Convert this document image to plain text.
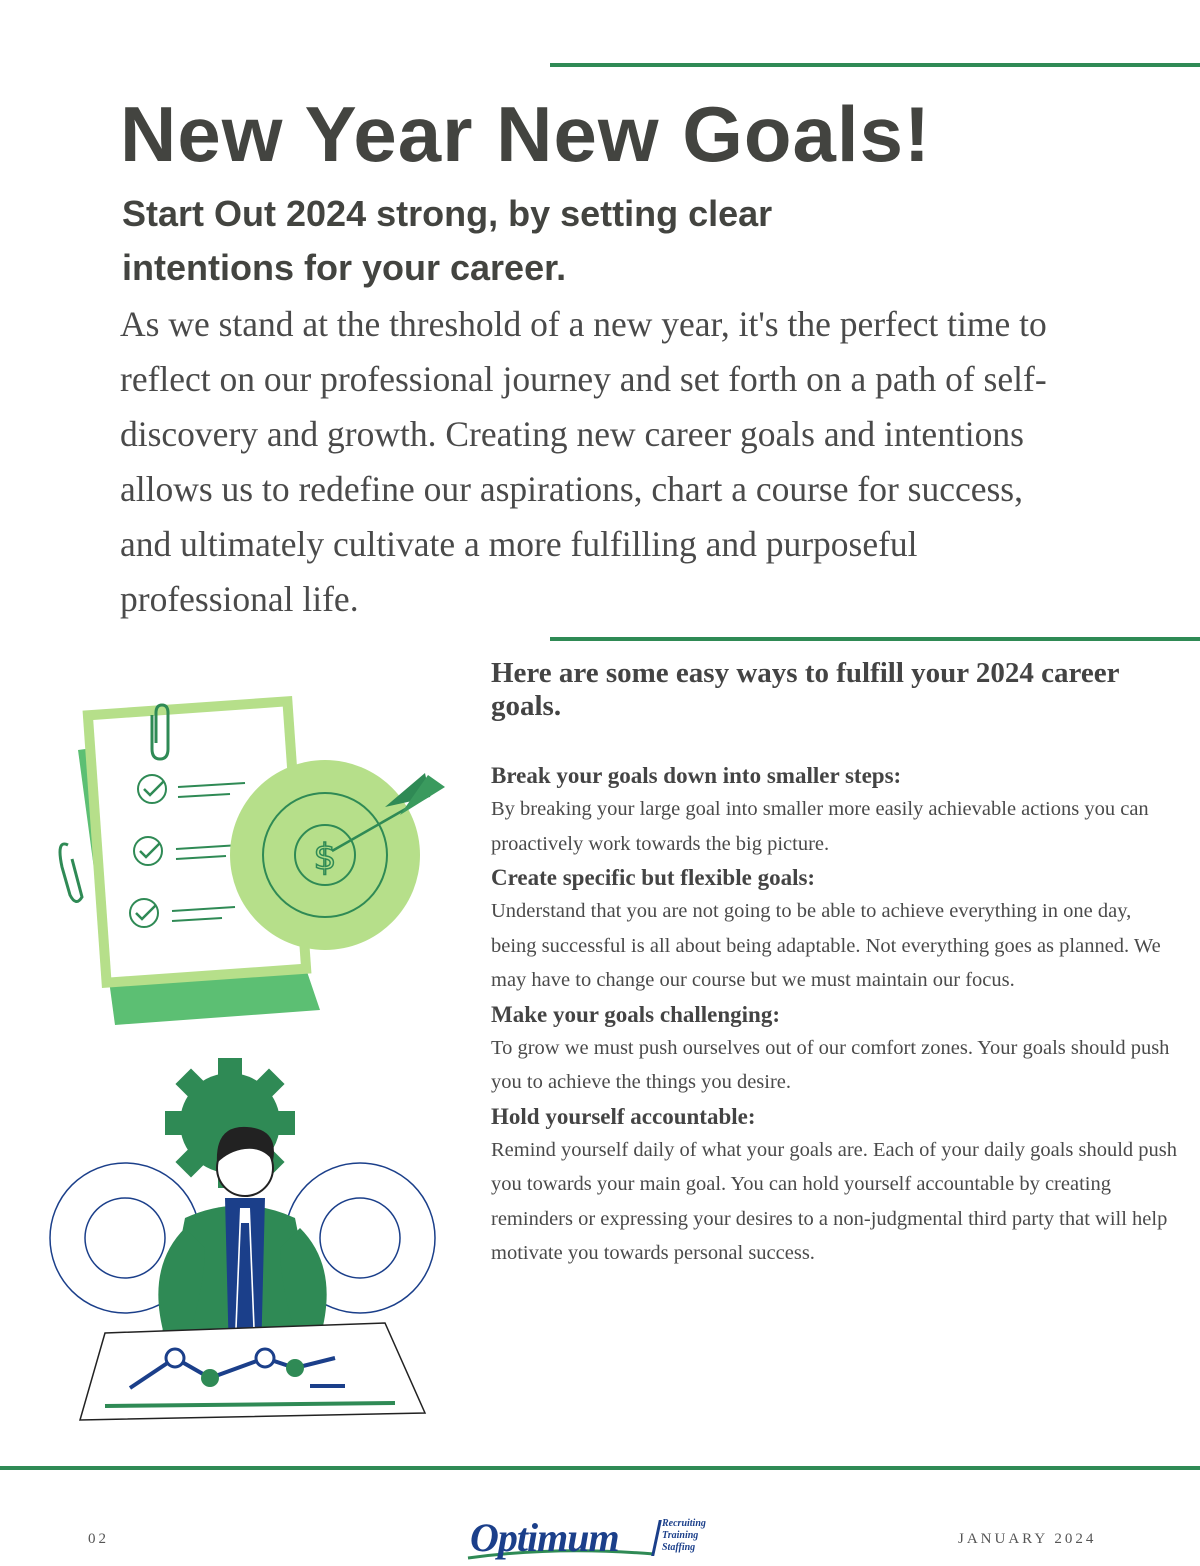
New Year New Goals!
Start Out 2024 strong, by setting clear intentions for your career.

As we stand at the threshold of a new year, it's the perfect time to reflect on our professional journey and set forth on a path of self-discovery and growth. Creating new career goals and intentions allows us to redefine our aspirations, chart a course for success, and ultimately cultivate a more fulfilling and purposeful professional life.

Here are some easy ways to fulfill your 2024 career goals.
Break your goals down into smaller steps:

By breaking your large goal into smaller more easily achievable actions you can proactively work towards the big picture.

Create specific but flexible goals:

Understand that you are not going to be able to achieve everything in one day, being successful is all about being adaptable. Not everything goes as planned. We may have to change our course but we must maintain our focus.

Make your goals challenging:

To grow we must push ourselves out of our comfort zones. Your goals should push you to achieve the things you desire.

Hold yourself accountable:

Remind yourself daily of what your goals are. Each of your daily goals should push you towards your main goal. You can hold yourself accountable by creating reminders or expressing your desires to a non-judgmental third party that will help motivate you towards personal success.

$
02	Optimum	Recruiting
Training
Staffing

JANUARY 2024
